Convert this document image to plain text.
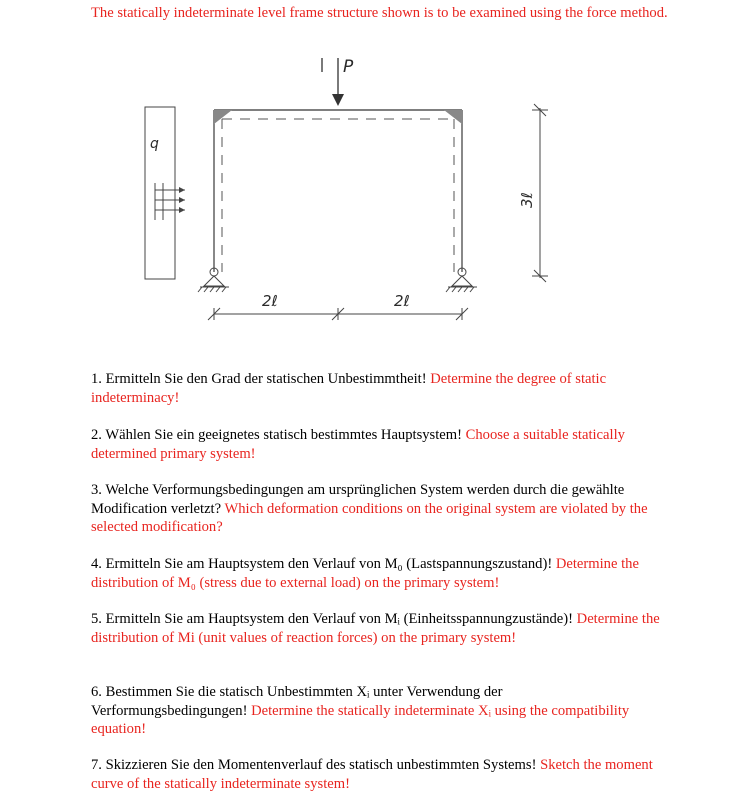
The statically indeterminate level frame structure shown is to be examined using the force method.

q
P
2ℓ	2ℓ
3ℓ

1. Ermitteln Sie den Grad der statischen Unbestimmtheit! Determine the degree of static indeterminacy!

2. Wählen Sie ein geeignetes statisch bestimmtes Hauptsystem! Choose a suitable statically determined primary system!

3. Welche Verformungsbedingungen am ursprünglichen System werden durch die gewählte Modification verletzt? Which deformation conditions on the original system are violated by the selected modification?

4. Ermitteln Sie am Hauptsystem den Verlauf von M₀ (Lastspannungszustand)! Determine the distribution of M₀ (stress due to external load) on the primary system!

5. Ermitteln Sie am Hauptsystem den Verlauf von Mᵢ (Einheitsspannungzustände)! Determine the distribution of Mi (unit values of reaction forces) on the primary system!

6. Bestimmen Sie die statisch Unbestimmten Xᵢ unter Verwendung der Verformungsbedingungen! Determine the statically indeterminate Xᵢ using the compatibility equation!

7. Skizzieren Sie den Momentenverlauf des statisch unbestimmten Systems! Sketch the moment curve of the statically indeterminate system!
